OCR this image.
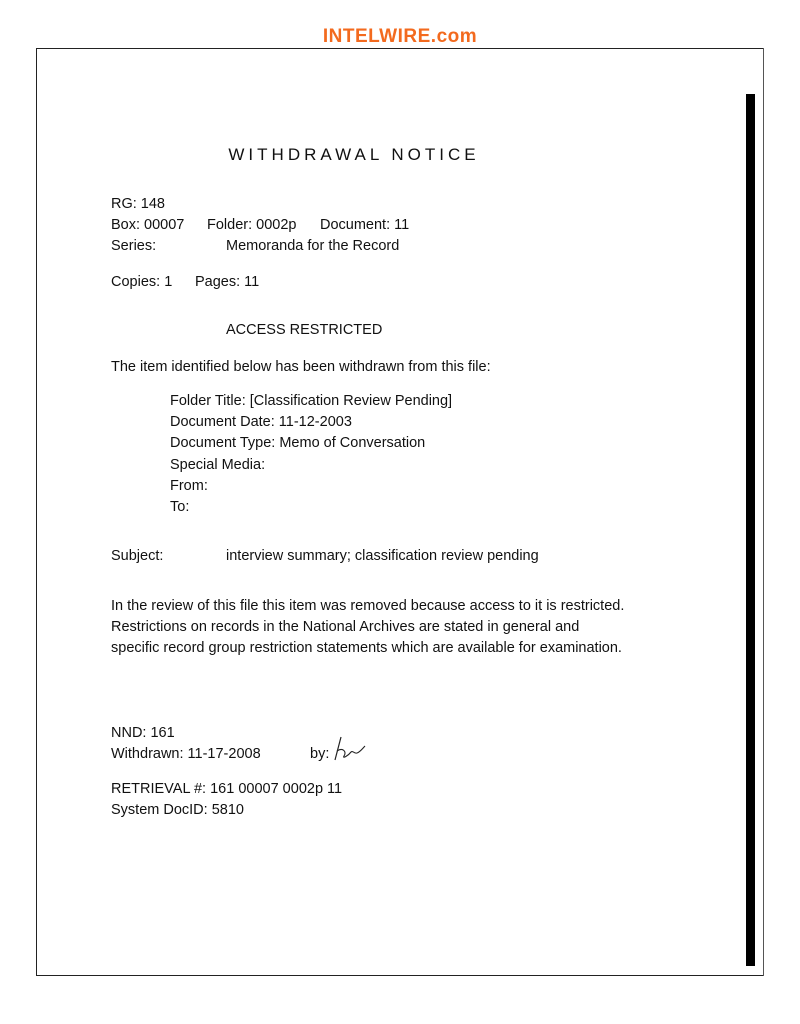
INTELWIRE.com
WITHDRAWAL NOTICE
RG: 148
Box: 00007 Folder: 0002p Document: 11
Series:	Memoranda for the Record
Copies: 1 Pages: 11
ACCESS RESTRICTED
The item identified below has been withdrawn from this file:
Folder Title: [Classification Review Pending]
Document Date: 11-12-2003
Document Type: Memo of Conversation
Special Media:
From:
To:
Subject:	interview summary; classification review pending
In the review of this file this item was removed because access to it is restricted. Restrictions on records in the National Archives are stated in general and specific record group restriction statements which are available for examination.
NND: 161
Withdrawn: 11-17-2008	by:
RETRIEVAL #: 161 00007 0002p 11
System DocID: 5810
